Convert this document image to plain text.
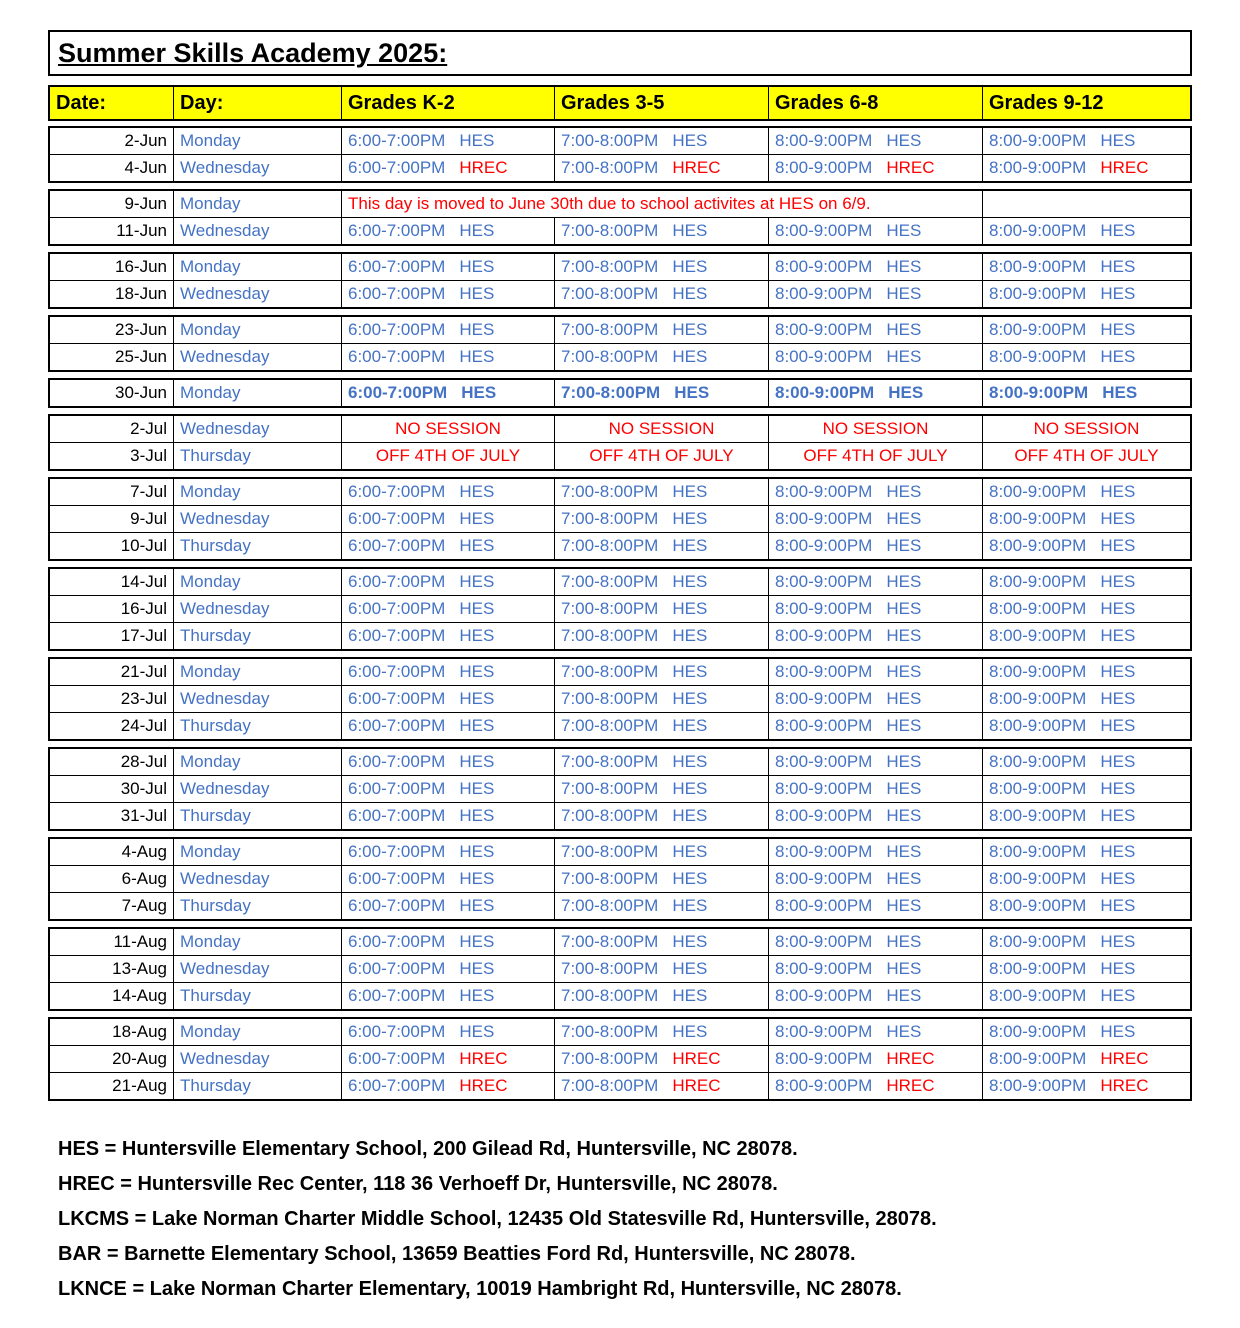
Summer Skills Academy 2025:
Date:	Day:	Grades K-2	Grades 3-5	Grades 6-8	Grades 9-12
2-Jun Monday	6:00-7:00PM HES	7:00-8:00PM HES	8:00-9:00PM HES	8:00-9:00PM HES
4-Jun Wednesday	6:00-7:00PM HREC	7:00-8:00PM HREC	8:00-9:00PM HREC	8:00-9:00PM HREC
9-Jun Monday	This day is moved to June 30th due to school activites at HES on 6/9.
11-Jun Wednesday	6:00-7:00PM HES	7:00-8:00PM HES	8:00-9:00PM HES	8:00-9:00PM HES
16-Jun Monday	6:00-7:00PM HES	7:00-8:00PM HES	8:00-9:00PM HES	8:00-9:00PM HES
18-Jun Wednesday	6:00-7:00PM HES	7:00-8:00PM HES	8:00-9:00PM HES	8:00-9:00PM HES
23-Jun Monday	6:00-7:00PM HES	7:00-8:00PM HES	8:00-9:00PM HES	8:00-9:00PM HES
25-Jun Wednesday	6:00-7:00PM HES	7:00-8:00PM HES	8:00-9:00PM HES	8:00-9:00PM HES
30-Jun Monday	6:00-7:00PM HES	7:00-8:00PM HES	8:00-9:00PM HES	8:00-9:00PM HES
2-Jul Wednesday	NO SESSION	NO SESSION	NO SESSION	NO SESSION
3-Jul Thursday	OFF 4TH OF JULY	OFF 4TH OF JULY	OFF 4TH OF JULY	OFF 4TH OF JULY
7-Jul Monday	6:00-7:00PM HES	7:00-8:00PM HES	8:00-9:00PM HES	8:00-9:00PM HES
9-Jul Wednesday	6:00-7:00PM HES	7:00-8:00PM HES	8:00-9:00PM HES	8:00-9:00PM HES
10-Jul Thursday	6:00-7:00PM HES	7:00-8:00PM HES	8:00-9:00PM HES	8:00-9:00PM HES
14-Jul Monday	6:00-7:00PM HES	7:00-8:00PM HES	8:00-9:00PM HES	8:00-9:00PM HES
16-Jul Wednesday	6:00-7:00PM HES	7:00-8:00PM HES	8:00-9:00PM HES	8:00-9:00PM HES
17-Jul Thursday	6:00-7:00PM HES	7:00-8:00PM HES	8:00-9:00PM HES	8:00-9:00PM HES
21-Jul Monday	6:00-7:00PM HES	7:00-8:00PM HES	8:00-9:00PM HES	8:00-9:00PM HES
23-Jul Wednesday	6:00-7:00PM HES	7:00-8:00PM HES	8:00-9:00PM HES	8:00-9:00PM HES
24-Jul Thursday	6:00-7:00PM HES	7:00-8:00PM HES	8:00-9:00PM HES	8:00-9:00PM HES
28-Jul Monday	6:00-7:00PM HES	7:00-8:00PM HES	8:00-9:00PM HES	8:00-9:00PM HES
30-Jul Wednesday	6:00-7:00PM HES	7:00-8:00PM HES	8:00-9:00PM HES	8:00-9:00PM HES
31-Jul Thursday	6:00-7:00PM HES	7:00-8:00PM HES	8:00-9:00PM HES	8:00-9:00PM HES
4-Aug Monday	6:00-7:00PM HES	7:00-8:00PM HES	8:00-9:00PM HES	8:00-9:00PM HES
6-Aug Wednesday	6:00-7:00PM HES	7:00-8:00PM HES	8:00-9:00PM HES	8:00-9:00PM HES
7-Aug Thursday	6:00-7:00PM HES	7:00-8:00PM HES	8:00-9:00PM HES	8:00-9:00PM HES
11-Aug Monday	6:00-7:00PM HES	7:00-8:00PM HES	8:00-9:00PM HES	8:00-9:00PM HES
13-Aug Wednesday	6:00-7:00PM HES	7:00-8:00PM HES	8:00-9:00PM HES	8:00-9:00PM HES
14-Aug Thursday	6:00-7:00PM HES	7:00-8:00PM HES	8:00-9:00PM HES	8:00-9:00PM HES
18-Aug Monday	6:00-7:00PM HES	7:00-8:00PM HES	8:00-9:00PM HES	8:00-9:00PM HES
20-Aug Wednesday	6:00-7:00PM HREC	7:00-8:00PM HREC	8:00-9:00PM HREC	8:00-9:00PM HREC
21-Aug Thursday	6:00-7:00PM HREC	7:00-8:00PM HREC	8:00-9:00PM HREC	8:00-9:00PM HREC
HES = Huntersville Elementary School, 200 Gilead Rd, Huntersville, NC 28078.
HREC = Huntersville Rec Center, 118 36 Verhoeff Dr, Huntersville, NC 28078.
LKCMS = Lake Norman Charter Middle School, 12435 Old Statesville Rd, Huntersville, 28078.
BAR = Barnette Elementary School, 13659 Beatties Ford Rd, Huntersville, NC 28078.
LKNCE = Lake Norman Charter Elementary, 10019 Hambright Rd, Huntersville, NC 28078.
